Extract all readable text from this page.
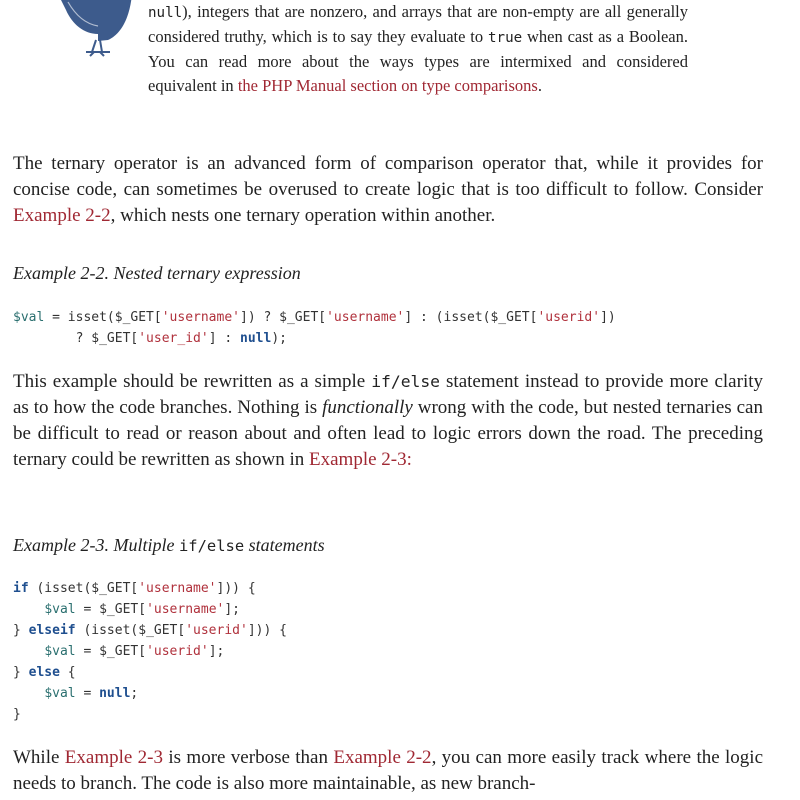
null), integers that are nonzero, and arrays that are non-empty are all generally considered truthy, which is to say they evaluate to true when cast as a Boolean. You can read more about the ways types are intermixed and considered equivalent in the PHP Manual section on type comparisons.

The ternary operator is an advanced form of comparison operator that, while it provides for concise code, can sometimes be overused to create logic that is too difficult to follow. Consider Example 2-2, which nests one ternary operation within another.

Example 2-2. Nested ternary expression

$val = isset($_GET['username']) ? $_GET['username'] : (isset($_GET['userid'])
? $_GET['user_id'] : null);

This example should be rewritten as a simple if/else statement instead to provide more clarity as to how the code branches. Nothing is functionally wrong with the code, but nested ternaries can be difficult to read or reason about and often lead to logic errors down the road. The preceding ternary could be rewritten as shown in Example 2-3:

Example 2-3. Multiple if/else statements

if (isset($_GET['username'])) {
$val = $_GET['username'];
} elseif (isset($_GET['userid'])) {
$val = $_GET['userid'];
} else {
$val = null;
}

While Example 2-3 is more verbose than Example 2-2, you can more easily track where the logic needs to branch. The code is also more maintainable, as new branch-
